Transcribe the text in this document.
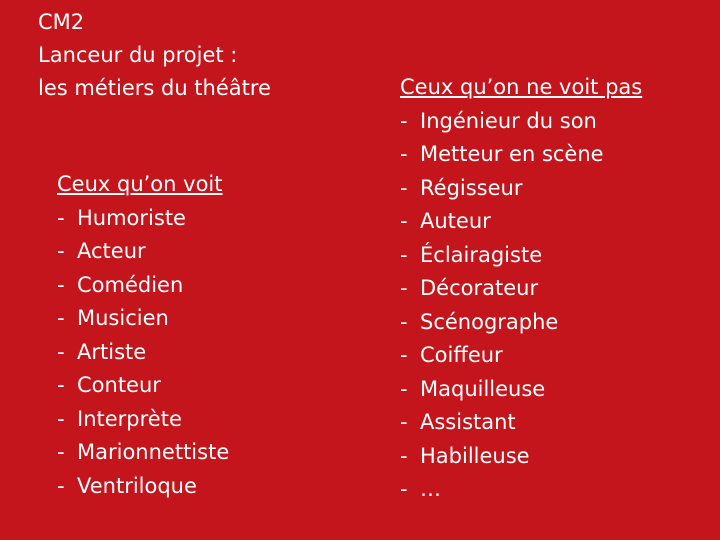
CM2
Lanceur du projet :
les métiers du théâtre
Ceux qu’on voit
- Humoriste
- Acteur
- Comédien
- Musicien
- Artiste
- Conteur
- Interprète
- Marionnettiste
- Ventriloque
Ceux qu’on ne voit pas
- Ingénieur du son
- Metteur en scène
- Régisseur
- Auteur
- Éclairagiste
- Décorateur
- Scénographe
- Coiffeur
- Maquilleuse
- Assistant
- Habilleuse
- …
